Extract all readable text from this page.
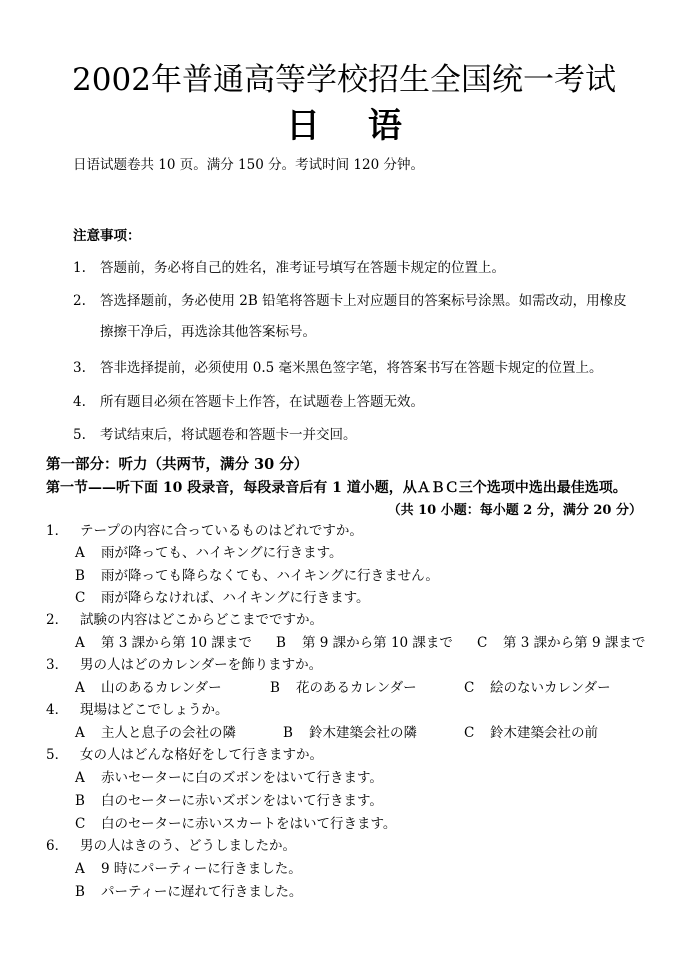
2002年普通高等学校招生全国统一考试
日 语
日语试题卷共 10 页。满分 150 分。考试时间 120 分钟。
注意事项：
1. 答题前，务必将自己的姓名，准考证号填写在答题卡规定的位置上。
2. 答选择题前，务必使用 2B 铅笔将答题卡上对应题目的答案标号涂黑。如需改动，用橡皮
擦擦干净后，再选涂其他答案标号。
3. 答非选择提前，必须使用 0.5 毫米黑色签字笔，将答案书写在答题卡规定的位置上。
4. 所有题目必须在答题卡上作答，在试题卷上答题无效。
5. 考试结束后，将试题卷和答题卡一并交回。
第一部分：听力（共两节，满分 30 分）
第一节——听下面 10 段录音，每段录音后有 1 道小题，从ＡＢＣ三个选项中选出最佳选项。
（共 10 小题：每小题 2 分，满分 20 分）
1． テープの内容に合っているものはどれですか。
A 雨が降っても、ハイキングに行きます。
B 雨が降っても降らなくても、ハイキングに行きません。
C 雨が降らなければ、ハイキングに行きます。
2． 試験の内容はどこからどこまでですか。
A 第 3 課から第 10 課まで B 第 9 課から第 10 課まで C 第 3 課から第 9 課まで
3． 男の人はどのカレンダーを飾りますか。
A 山のあるカレンダー	B 花のあるカレンダー	C 絵のないカレンダー
4． 現場はどこでしょうか。
A 主人と息子の会社の隣	B 鈴木建築会社の隣	C 鈴木建築会社の前
5． 女の人はどんな格好をして行きますか。
A 赤いセーターに白のズボンをはいて行きます。
B 白のセーターに赤いズボンをはいて行きます。
C 白のセーターに赤いスカートをはいて行きます。
6． 男の人はきのう、どうしましたか。
A 9 時にパーティーに行きました。
B パーティーに遅れて行きました。
